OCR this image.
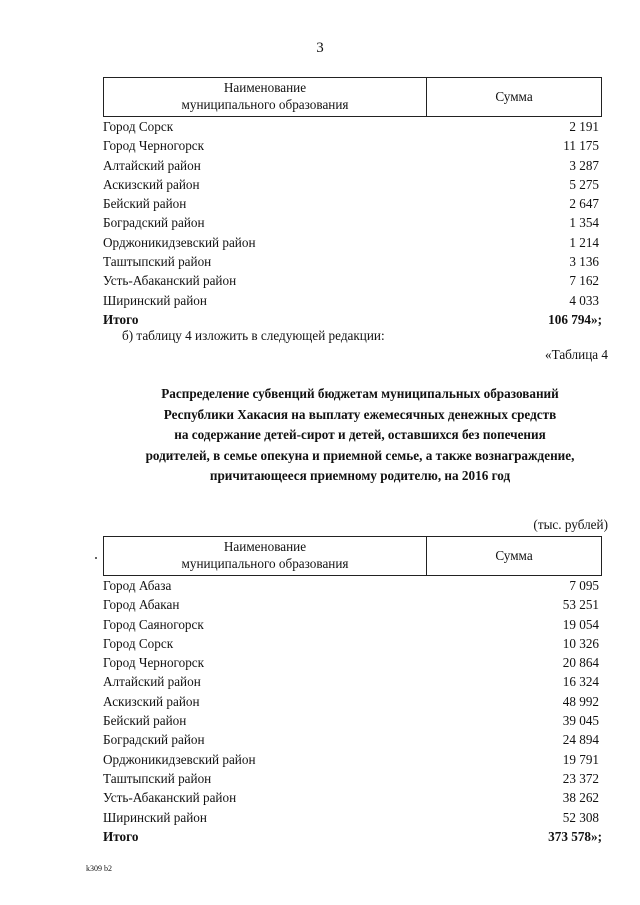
3
Наименование
муниципального образования
Сумма
Город Сорск	2 191
Город Черногорск	11 175
Алтайский район	3 287
Аскизский район	5 275
Бейский район	2 647
Боградский район	1 354
Орджоникидзевский район	1 214
Таштыпский район	3 136
Усть-Абаканский район	7 162
Ширинский район	4 033
Итого	106 794»;
б) таблицу 4 изложить в следующей редакции:
«Таблица 4
Распределение субвенций бюджетам муниципальных образований
Республики Хакасия на выплату ежемесячных денежных средств
на содержание детей-сирот и детей, оставшихся без попечения
родителей, в семье опекуна и приемной семье, а также вознаграждение,
причитающееся приемному родителю, на 2016 год
(тыс. рублей)
Наименование
муниципального образования
Сумма
Город Абаза	7 095
Город Абакан	53 251
Город Саяногорск	19 054
Город Сорск	10 326
Город Черногорск	20 864
Алтайский район	16 324
Аскизский район	48 992
Бейский район	39 045
Боградский район	24 894
Орджоникидзевский район	19 791
Таштыпский район	23 372
Усть-Абаканский район	38 262
Ширинский район	52 308
Итого	373 578»;
k309 b2
